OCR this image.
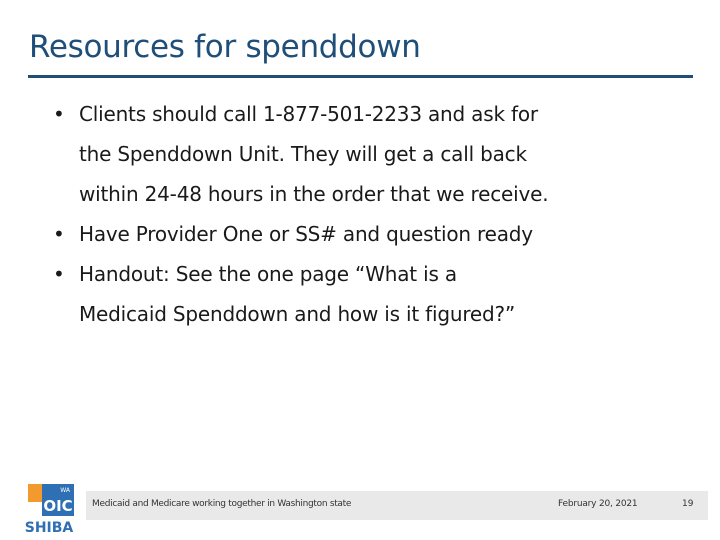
Resources for spenddown
• Clients should call 1-877-501-2233 and ask for
the Spenddown Unit. They will get a call back
within 24-48 hours in the order that we receive.
• Have Provider One or SS# and question ready
• Handout: See the one page “What is a
Medicaid Spenddown and how is it figured?”
WA
OIC
SHIBA
Medicaid and Medicare working together in Washington state	February 20, 2021	19
